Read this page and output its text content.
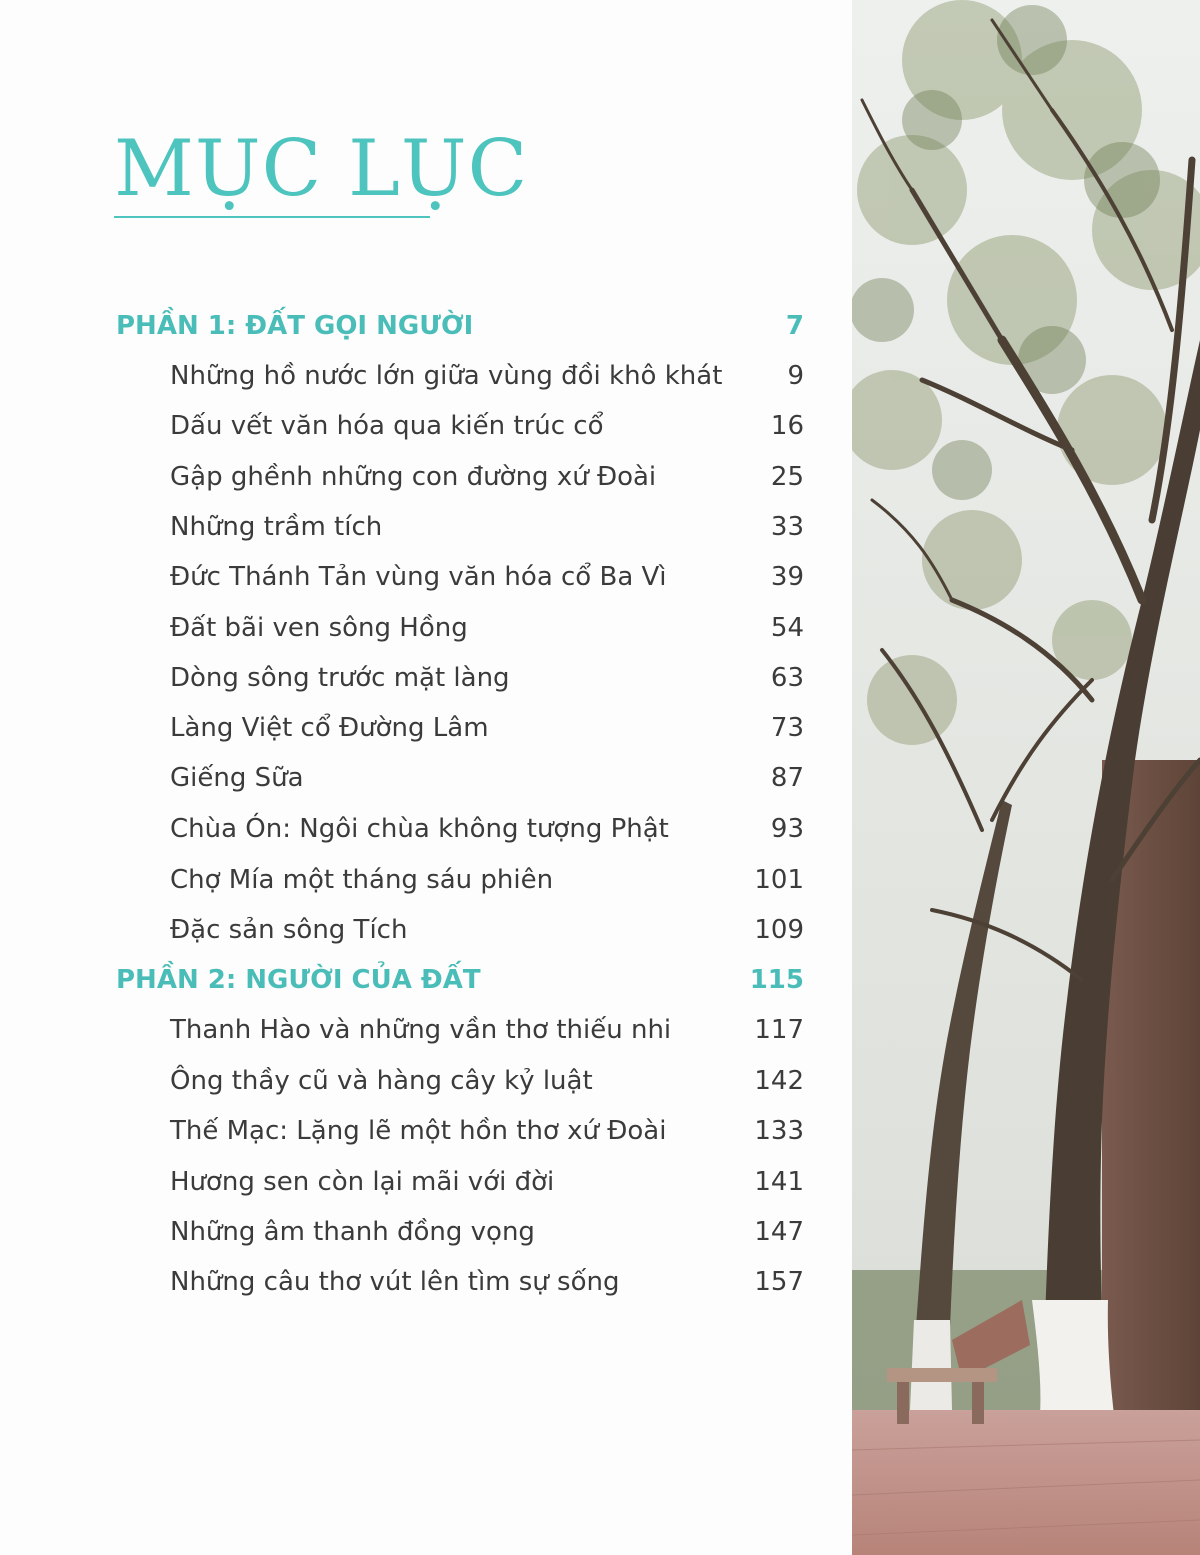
MỤC LỤC
PHẦN 1: ĐẤT GỌI NGƯỜI	7
Những hồ nước lớn giữa vùng đồi khô khát	9
Dấu vết văn hóa qua kiến trúc cổ	16
Gập ghềnh những con đường xứ Đoài	25
Những trầm tích	33
Đức Thánh Tản vùng văn hóa cổ Ba Vì	39
Đất bãi ven sông Hồng	54
Dòng sông trước mặt làng	63
Làng Việt cổ Đường Lâm	73
Giếng Sữa	87
Chùa Ón: Ngôi chùa không tượng Phật	93
Chợ Mía một tháng sáu phiên	101
Đặc sản sông Tích	109
PHẦN 2: NGƯỜI CỦA ĐẤT	115
Thanh Hào và những vần thơ thiếu nhi	117
Ông thầy cũ và hàng cây kỷ luật	142
Thế Mạc: Lặng lẽ một hồn thơ xứ Đoài	133
Hương sen còn lại mãi với đời	141
Những âm thanh đồng vọng	147
Những câu thơ vút lên tìm sự sống	157
